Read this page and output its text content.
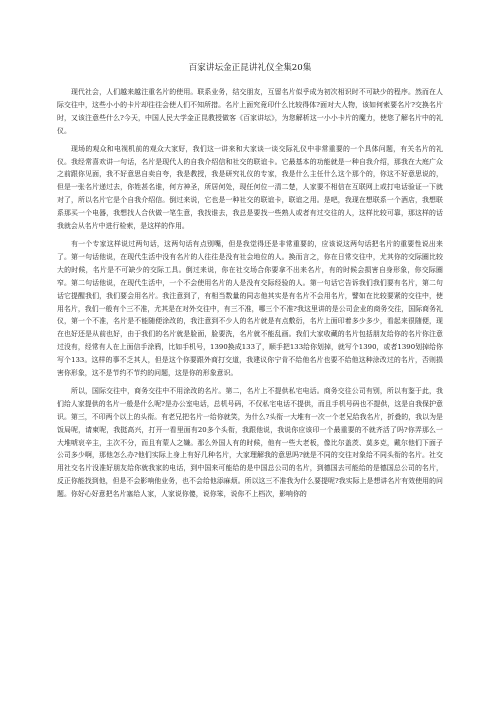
百家讲坛金正昆讲礼仪全集20集

现代社会，人们越来越注重名片的使用。联系业务，结交朋友，互留名片似乎成为初次相识时不可缺少的程序。然而在人际交往中，这些小小的卡片却往往会使人们不知所措。名片上面究竟印什么比较得体?面对大人物，该如何索要名片?交换名片时，又该注意些什么?今天，中国人民大学金正昆教授做客《百家讲坛》，为您解析这一小小卡片的魔力，使您了解名片中的礼仪。

现场的观众和电视机前的观众大家好，我们这一讲来和大家谈一谈交际礼仪中非常重要的一个具体问题，有关名片的礼仪。我经常喜欢讲一句话，名片是现代人的自我介绍信和社交的联谊卡。它最基本的功能就是一种自我介绍，那我在大庭广众之前跟你见面，我不好意思自卖自夸，我是教授，我是研究礼仪的专家，我是什么主任什么这个那个的，你这不好意思说的，但是一张名片递过去，你姓甚名谁，何方神圣，所居何处，现任何位一清二楚，人家要不相信在互联网上或打电话验证一下就对了，所以名片它是个自我介绍信。倒过来说，它也是一种社交的联谊卡，联谊之用。是吧，我现在想联系一个酒店，我想联系那买一个电器，我想找人合伙做一笔生意，我找谁去，我总是要找一些熟人或者有过交往的人，这样比较可靠，那这样的话我就会从名片中进行检索，是这样的作用。

有一个专家这样说过两句话，这两句话有点别嘴，但是我觉得还是非常重要的，应该说这两句话把名片的重要性说出来了。第一句话他说，在现代生活中没有名片的人往往是没有社会地位的人。换而言之，你在日常交往中，尤其你的交际圈比较大的时候，名片是不可缺少的交际工具。倒过来说，你在社交场合你要拿不出来名片，有的时候会损害自身形象，你交际圈窄。第二句话他说，在现代生活中，一个不会使用名片的人是没有交际经验的人。第一句话它告诉我们我们要有名片，第二句话它提醒我们，我们要会用名片。我注意到了，有相当数量的同志他其实是有名片不会用名片，譬如在比较要紧的交往中，使用名片，我们一般有个三不准，尤其是在对外交往中，有三不准，哪三个不准?我这里讲的是公司企业的商务交往，国际商务礼仪，第一个不准，名片是不能随便涂改的，我注意到不少人的名片就是有点敷衍，名片上面印着多少多少，看起来很随便，现在也好还是从前也好，由于我们的名片就是脸面，脸要洗，名片就不能乱画。我们大家收藏的名片包括朋友给你的名片你注意过没有，经常有人在上面信手涂鸦，比如手机号，1390换成133了，顺手把133给你划掉，就写个1390，或者1390划掉给你写个133。这样的事不乏其人，但是这个你要跟外商打交道，我建议你宁肯不给他名片也要不给他这种涂改过的名片，否则损害你形象，这不是节约不节约的问题，这是你的形象意识。

所以，国际交往中，商务交往中不用涂改的名片。第二，名片上不提供私宅电话。商务交往公司有别，所以有鉴于此，我们给人家提供的名片一般是什么呢?是办公室电话，总机号码，不仅私宅电话不提供，而且手机号码也不提供，这是自我保护意识。第三，不印两个以上的头衔。有老兄把名片一给你就笑，为什么?头衔一大堆有一次一个老兄给我名片，折叠的，我以为是饭局呢，请柬呢，我挺高兴，打开一看里面有20多个头衔，我跟他说，我说你应该印一个最重要的不就齐活了吗?你弄那么一大堆唬哀辛主，主次不分，而且有蒙人之嫌。那么外国人有的时候，他有一些大老板，像比尔盖茨、莫多克，戴尔他们下面子公司多少啊，那他怎么办?他们实际上身上有好几种名片，大家理解我的意思吗?就是不同的交往对象给不同头衔的名片。社交用社交名片没准好朋友给你就我家的电话，到中国来可能给的是中国总公司的名片，到德国去可能给的是德国总公司的名片，反正你能找到他，但是不会影响他业务，也不会给他添麻烦。所以这三不准我为什么要提呢?我实际上是想讲名片有效使用的问题。你好心好意把名片塞给人家，人家说你傻，说你笨，说你不上档次，影响你的
